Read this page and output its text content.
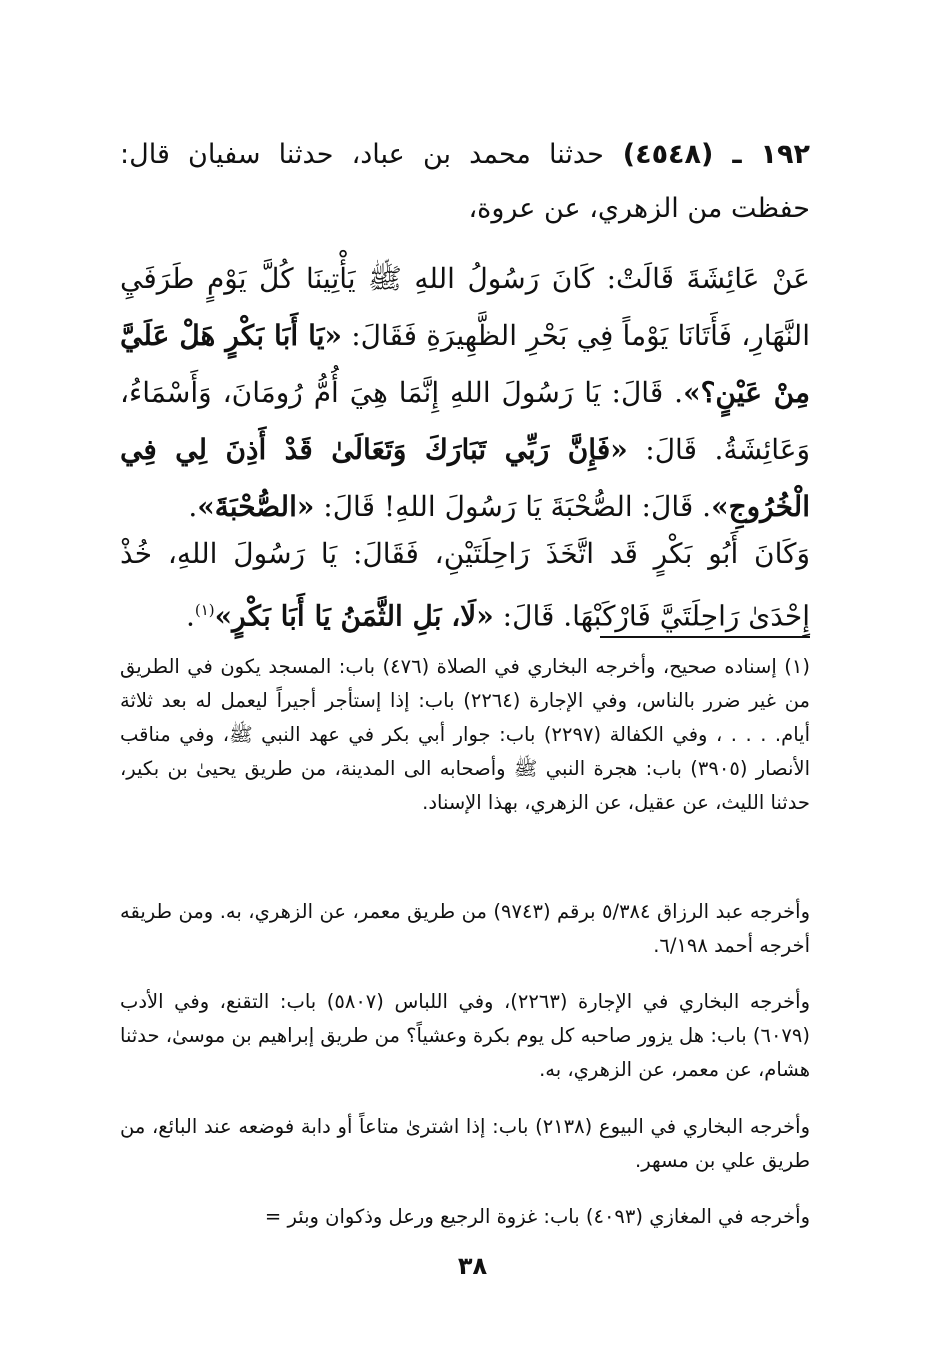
١٩٢ ـ (٤٥٤٨) حدثنا محمد بن عباد، حدثنا سفيان قال: حفظت من الزهري، عن عروة،
عَنْ عَائِشَةَ قَالَتْ: كَانَ رَسُولُ اللهِ ﷺ يَأْتِينَا كُلَّ يَوْمٍ طَرَفَيِ النَّهَارِ، فَأَتَانَا يَوْماً فِي بَحْرِ الظَّهِيرَةِ فَقَالَ: «يَا أَبَا بَكْرٍ هَلْ عَلَيَّ مِنْ عَيْنٍ؟». قَالَ: يَا رَسُولَ اللهِ إِنَّمَا هِيَ أُمُّ رُومَانَ، وَأَسْمَاءُ، وَعَائِشَةُ. قَالَ: «فَإِنَّ رَبِّي تَبَارَكَ وَتَعَالَىٰ قَدْ أَذِنَ لِي فِي الْخُرُوجِ». قَالَ: الصُّحْبَةَ يَا رَسُولَ اللهِ! قَالَ: «الصُّحْبَةَ».
وَكَانَ أَبُو بَكْرٍ قَد اتَّخَذَ رَاحِلَتَيْنِ، فَقَالَ: يَا رَسُولَ اللهِ، خُذْ إِحْدَىٰ رَاحِلَتَيَّ فَارْكَبْهَا. قَالَ: «لَا، بَلِ الثَّمَنُ يَا أَبَا بَكْرٍ»$^{(١)}$.
(١) إسناده صحيح، وأخرجه البخاري في الصلاة (٤٧٦) باب: المسجد يكون في الطريق من غير ضرر بالناس، وفي الإجارة (٢٢٦٤) باب: إذا إستأجر أجيراً ليعمل له بعد ثلاثة أيام. . . . ، وفي الكفالة (٢٢٩٧) باب: جوار أبي بكر في عهد النبي ﷺ، وفي مناقب الأنصار (٣٩٠٥) باب: هجرة النبي ﷺ وأصحابه الى المدينة، من طريق يحيىٰ بن بكير، حدثنا الليث، عن عقيل، عن الزهري، بهذا الإسناد.
وأخرجه عبد الرزاق ٥/٣٨٤ برقم (٩٧٤٣) من طريق معمر، عن الزهري، به. ومن طريقه أخرجه أحمد ٦/١٩٨.
وأخرجه البخاري في الإجارة (٢٢٦٣)، وفي اللباس (٥٨٠٧) باب: التقنع، وفي الأدب (٦٠٧٩) باب: هل يزور صاحبه كل يوم بكرة وعشياً؟ من طريق إبراهيم بن موسىٰ، حدثنا هشام، عن معمر، عن الزهري، به.
وأخرجه البخاري في البيوع (٢١٣٨) باب: إذا اشترىٰ متاعاً أو دابة فوضعه عند البائع، من طريق علي بن مسهر.
وأخرجه في المغازي (٤٠٩٣) باب: غزوة الرجيع ورعل وذكوان وبئر =
٣٨
